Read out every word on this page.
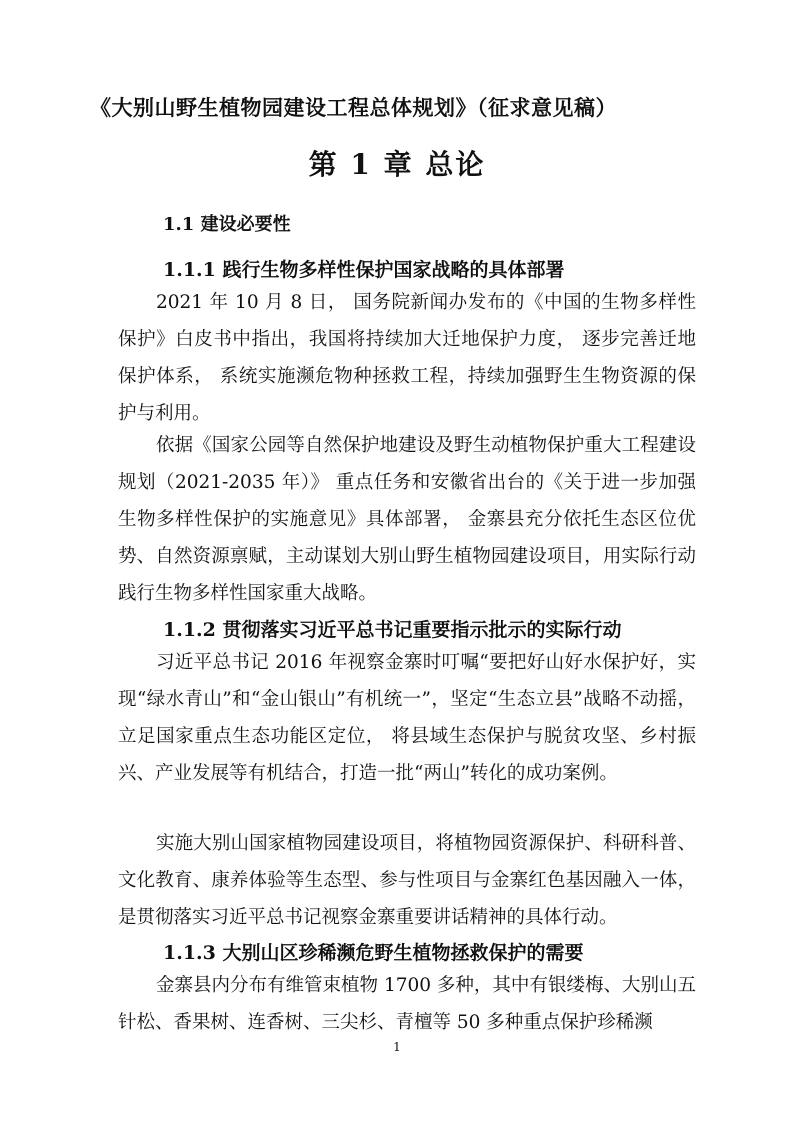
《大别山野生植物园建设工程总体规划》（征求意见稿）
第 1 章 总论
1.1 建设必要性
1.1.1 践行生物多样性保护国家战略的具体部署
2021 年 10 月 8 日， 国务院新闻办发布的《中国的生物多样性保护》白皮书中指出，我国将持续加大迁地保护力度， 逐步完善迁地保护体系， 系统实施濒危物种拯救工程，持续加强野生生物资源的保护与利用。
依据《国家公园等自然保护地建设及野生动植物保护重大工程建设规划（2021-2035 年）》 重点任务和安徽省出台的《关于进一步加强生物多样性保护的实施意见》具体部署， 金寨县充分依托生态区位优势、自然资源禀赋，主动谋划大别山野生植物园建设项目，用实际行动践行生物多样性国家重大战略。
1.1.2 贯彻落实习近平总书记重要指示批示的实际行动
习近平总书记 2016 年视察金寨时叮嘱“要把好山好水保护好，实现“绿水青山”和“金山银山”有机统一”，坚定“生态立县”战略不动摇， 立足国家重点生态功能区定位， 将县域生态保护与脱贫攻坚、乡村振兴、产业发展等有机结合，打造一批“两山”转化的成功案例。
实施大别山国家植物园建设项目，将植物园资源保护、科研科普、文化教育、康养体验等生态型、参与性项目与金寨红色基因融入一体，是贯彻落实习近平总书记视察金寨重要讲话精神的具体行动。
1.1.3 大别山区珍稀濒危野生植物拯救保护的需要
金寨县内分布有维管束植物 1700 多种，其中有银缕梅、大别山五针松、香果树、连香树、三尖杉、青檀等 50 多种重点保护珍稀濒
1
